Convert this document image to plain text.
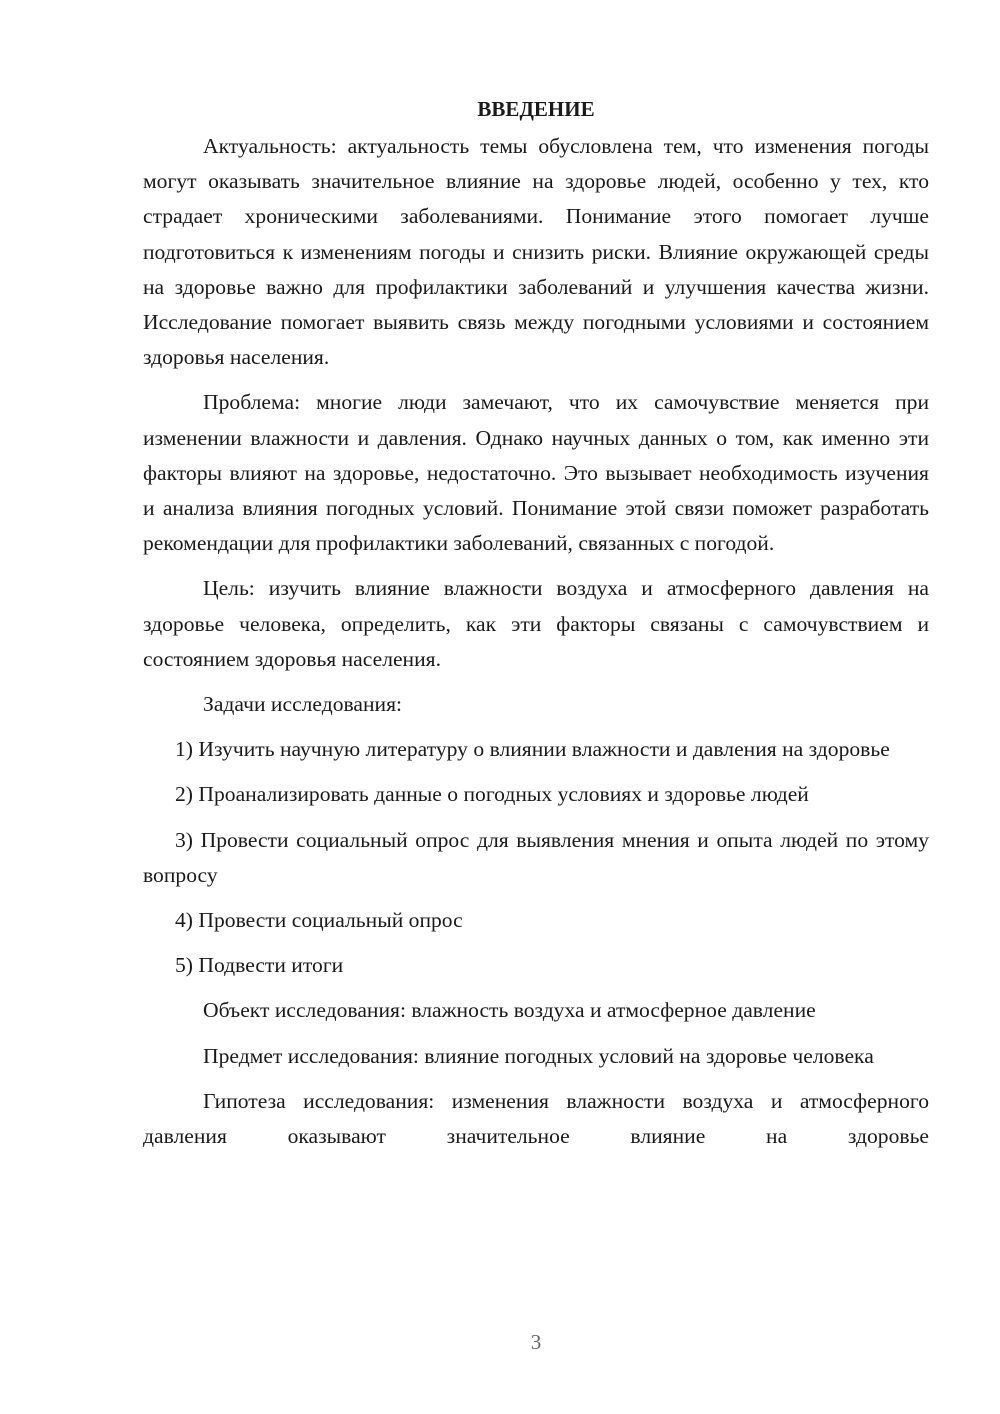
ВВЕДЕНИЕ

Актуальность: актуальность темы обусловлена тем, что изменения погоды могут оказывать значительное влияние на здоровье людей, особенно у тех, кто страдает хроническими заболеваниями. Понимание этого помогает лучше подготовиться к изменениям погоды и снизить риски. Влияние окружающей среды на здоровье важно для профилактики заболеваний и улучшения качества жизни. Исследование помогает выявить связь между погодными условиями и состоянием здоровья населения.

Проблема: многие люди замечают, что их самочувствие меняется при изменении влажности и давления. Однако научных данных о том, как именно эти факторы влияют на здоровье, недостаточно. Это вызывает необходимость изучения и анализа влияния погодных условий. Понимание этой связи поможет разработать рекомендации для профилактики заболеваний, связанных с погодой.

Цель: изучить влияние влажности воздуха и атмосферного давления на здоровье человека, определить, как эти факторы связаны с самочувствием и состоянием здоровья населения.

Задачи исследования:

1) Изучить научную литературу о влиянии влажности и давления на здоровье

2) Проанализировать данные о погодных условиях и здоровье людей

3) Провести социальный опрос для выявления мнения и опыта людей по этому вопросу

4) Провести социальный опрос

5) Подвести итоги

Объект исследования: влажность воздуха и атмосферное давление

Предмет исследования: влияние погодных условий на здоровье человека

Гипотеза исследования: изменения влажности воздуха и атмосферного давления оказывают значительное влияние на здоровье

3
